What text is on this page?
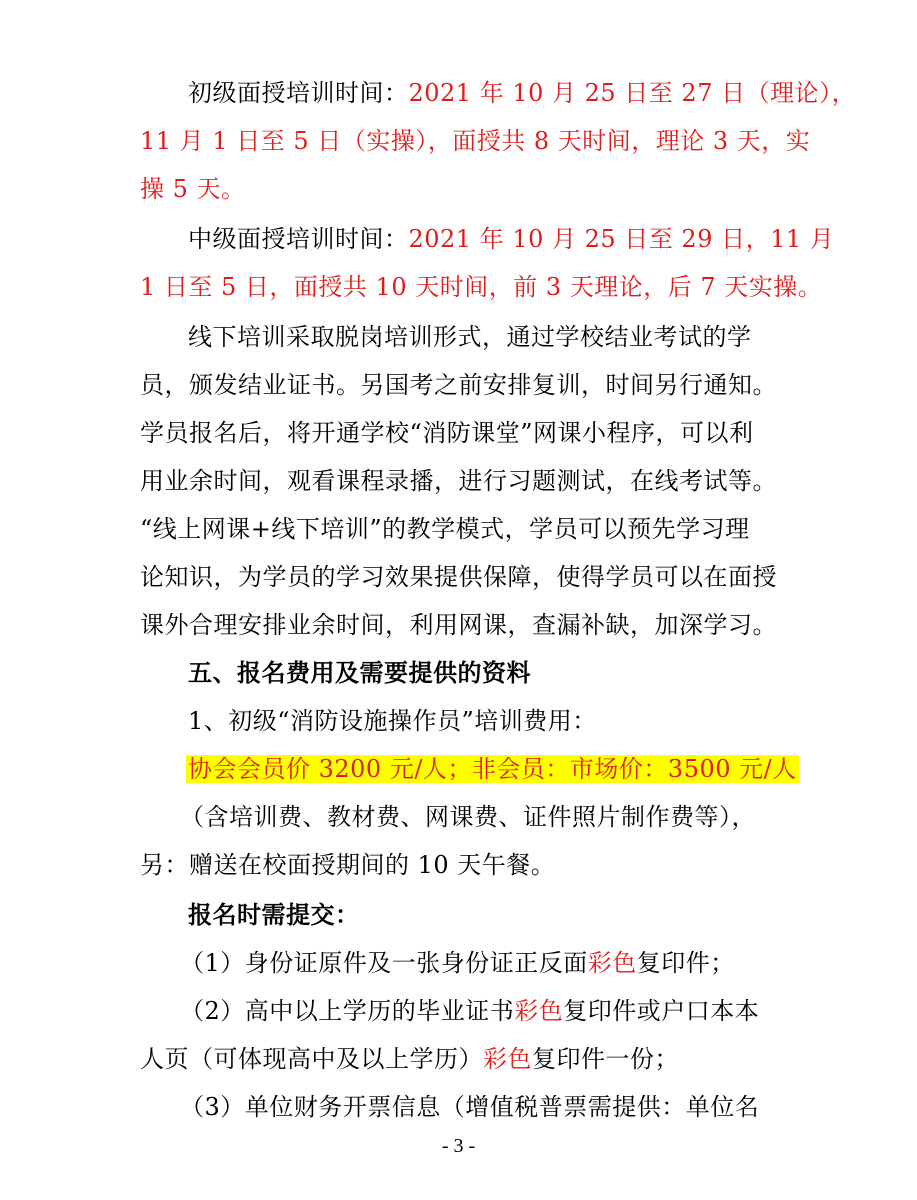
初级面授培训时间：2021 年 10 月 25 日至 27 日（理论），
11 月 1 日至 5 日（实操），面授共 8 天时间，理论 3 天，实
操 5 天。
中级面授培训时间：2021 年 10 月 25 日至 29 日，11 月
1 日至 5 日，面授共 10 天时间，前 3 天理论，后 7 天实操。
线下培训采取脱岗培训形式，通过学校结业考试的学
员，颁发结业证书。另国考之前安排复训，时间另行通知。
学员报名后，将开通学校“消防课堂”网课小程序，可以利
用业余时间，观看课程录播，进行习题测试，在线考试等。
“线上网课+线下培训”的教学模式，学员可以预先学习理
论知识，为学员的学习效果提供保障，使得学员可以在面授
课外合理安排业余时间，利用网课，查漏补缺，加深学习。
五、报名费用及需要提供的资料
1、初级“消防设施操作员”培训费用：
协会会员价 3200 元/人；非会员：市场价：3500 元/人
（含培训费、教材费、网课费、证件照片制作费等），
另：赠送在校面授期间的 10 天午餐。
报名时需提交：
（1）身份证原件及一张身份证正反面彩色复印件；
（2）高中以上学历的毕业证书彩色复印件或户口本本
人页（可体现高中及以上学历）彩色复印件一份；
（3）单位财务开票信息（增值税普票需提供：单位名
- 3 -
